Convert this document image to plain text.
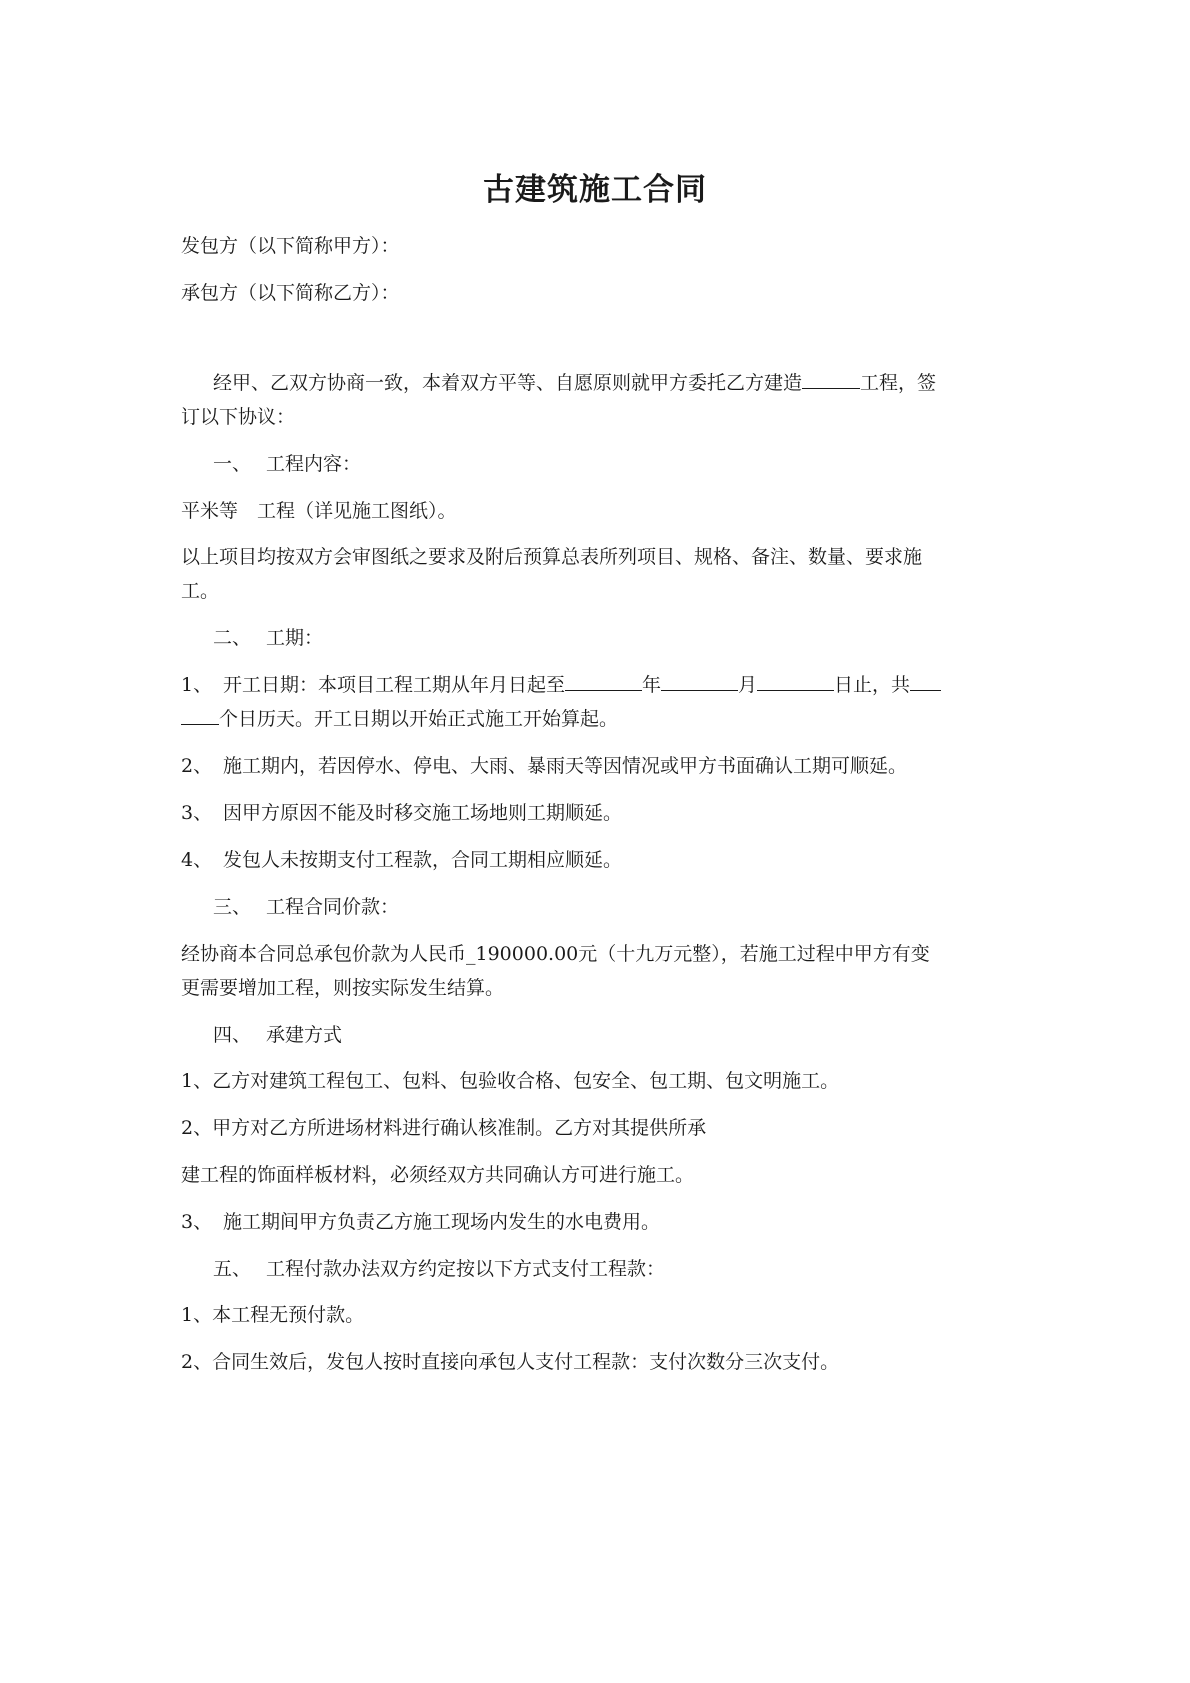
古建筑施工合同
发包方（以下简称甲方）：
承包方（以下简称乙方）：
经甲、乙双方协商一致，本着双方平等、自愿原则就甲方委托乙方建造	工程，签
订以下协议：
一、 工程内容：
平米等　工程（详见施工图纸）。
以上项目均按双方会审图纸之要求及附后预算总表所列项目、规格、备注、数量、要求施
工。
二、 工期：
1、 开工日期：本项目工程工期从年月日起至	年	月	日止，共
个日历天。开工日期以开始正式施工开始算起。
2、 施工期内，若因停水、停电、大雨、暴雨天等因情况或甲方书面确认工期可顺延。
3、 因甲方原因不能及时移交施工场地则工期顺延。
4、 发包人未按期支付工程款，合同工期相应顺延。
三、 工程合同价款：
经协商本合同总承包价款为人民币_190000.00元（十九万元整），若施工过程中甲方有变
更需要增加工程，则按实际发生结算。
四、 承建方式
1、乙方对建筑工程包工、包料、包验收合格、包安全、包工期、包文明施工。
2、甲方对乙方所进场材料进行确认核准制。乙方对其提供所承
建工程的饰面样板材料，必须经双方共同确认方可进行施工。
3、 施工期间甲方负责乙方施工现场内发生的水电费用。
五、 工程付款办法双方约定按以下方式支付工程款：
1、本工程无预付款。
2、合同生效后，发包人按时直接向承包人支付工程款：支付次数分三次支付。
